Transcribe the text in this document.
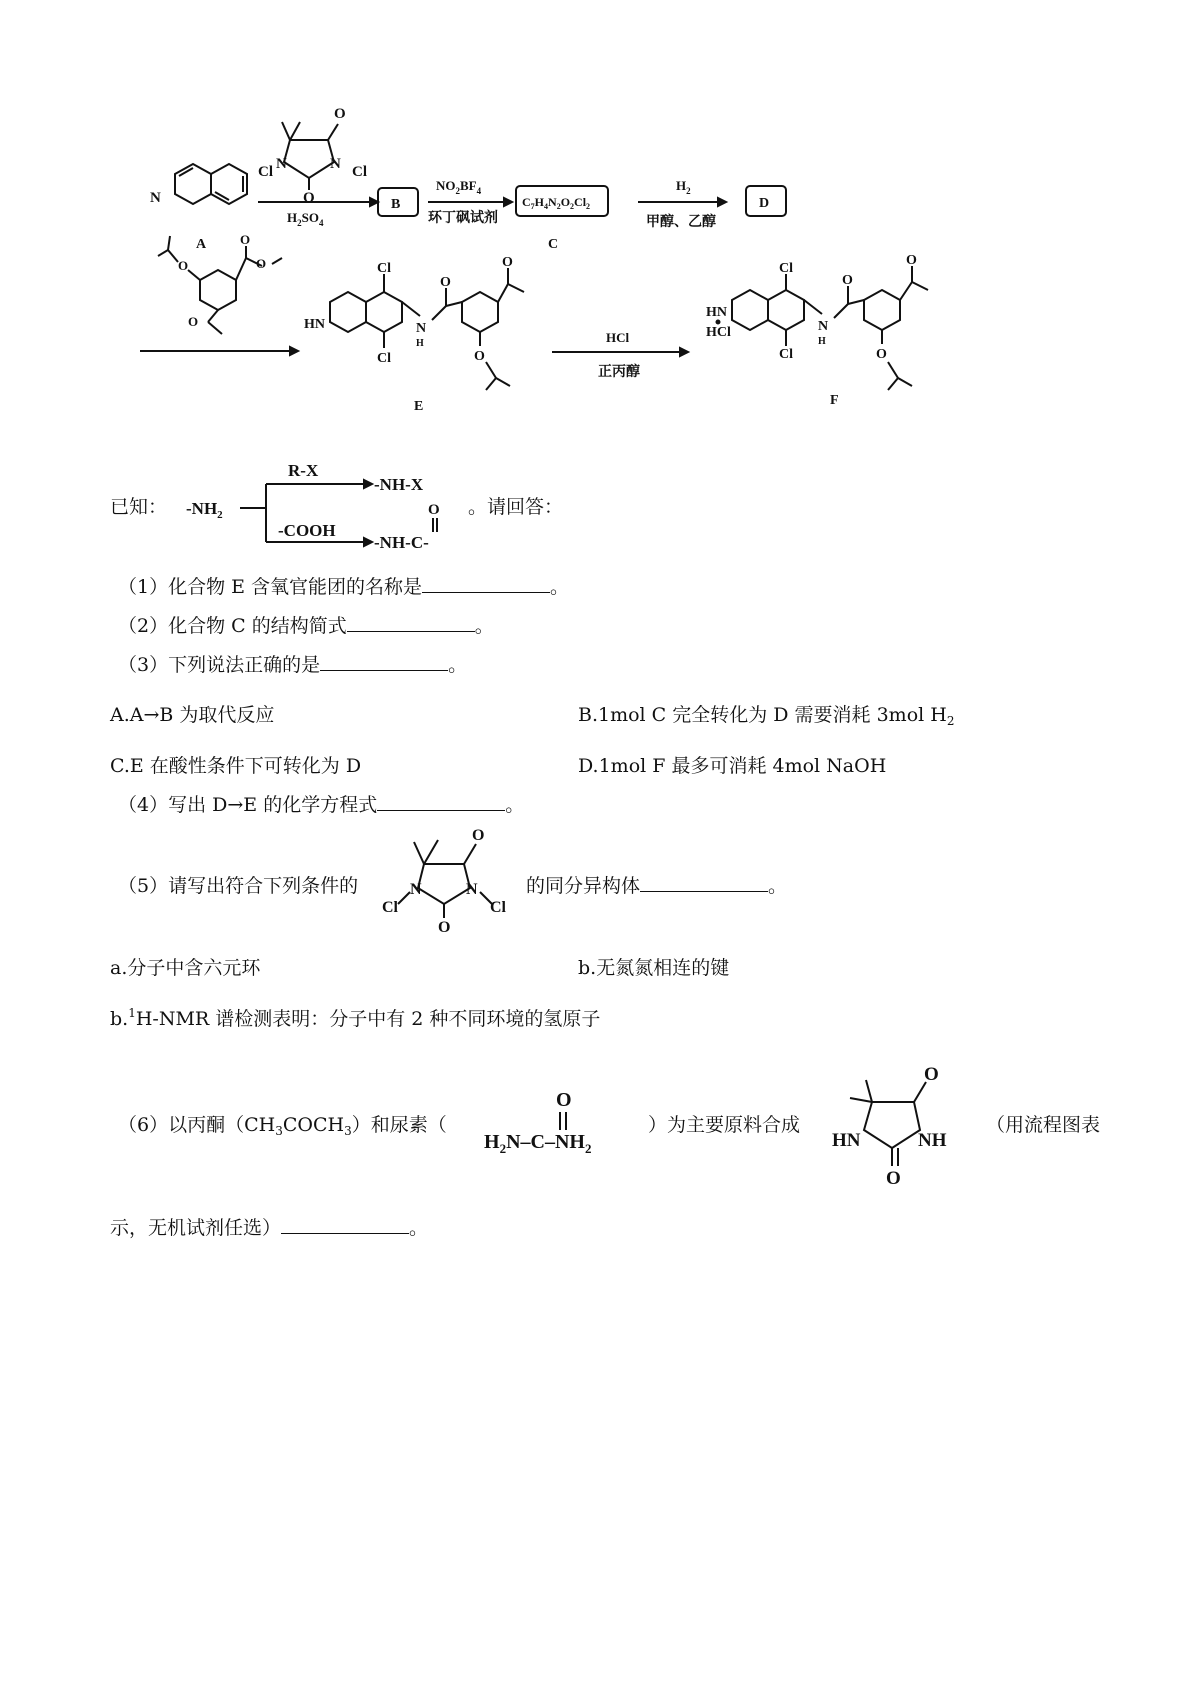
N
A
O
N	N
O
Cl	Cl
$H_2SO_4$
B
$NO_2BF_4$
环丁砜试剂
$C_7H_4N_2O_2Cl_2$
C
$H_2$
甲醇、乙醇
D
O
O
O
O
Cl
Cl
HN	N
H
O
O
O
E
HCl
正丙醇
Cl
Cl
HN
HCl	N
H
O
O
O
F
已知： $-NH_2$
R-X
-NH-X
-COOH
-NH-C-
O 。请回答：
（1）化合物 E 含氧官能团的名称是	。
（2）化合物 C 的结构简式	。
（3）下列说法正确的是	。
A.A→B 为取代反应	B.1mol C 完全转化为 D 需要消耗 3mol $H_2$
C.E 在酸性条件下可转化为 D	D.1mol F 最多可消耗 4mol NaOH
（4）写出 D→E 的化学方程式	。
（5）请写出符合下列条件的
O
N	N
O
Cl	Cl
的同分异构体	。
a.分子中含六元环	b.无氮氮相连的键
b.$^1$H-NMR 谱检测表明：分子中有 2 种不同环境的氢原子
（6）以丙酮$(CH_3COCH_3)$和尿素（
$H_2N-C-NH_2$
O
）为主要原料合成
O
HN	NH
O
（用流程图表
示，无机试剂任选）	。
